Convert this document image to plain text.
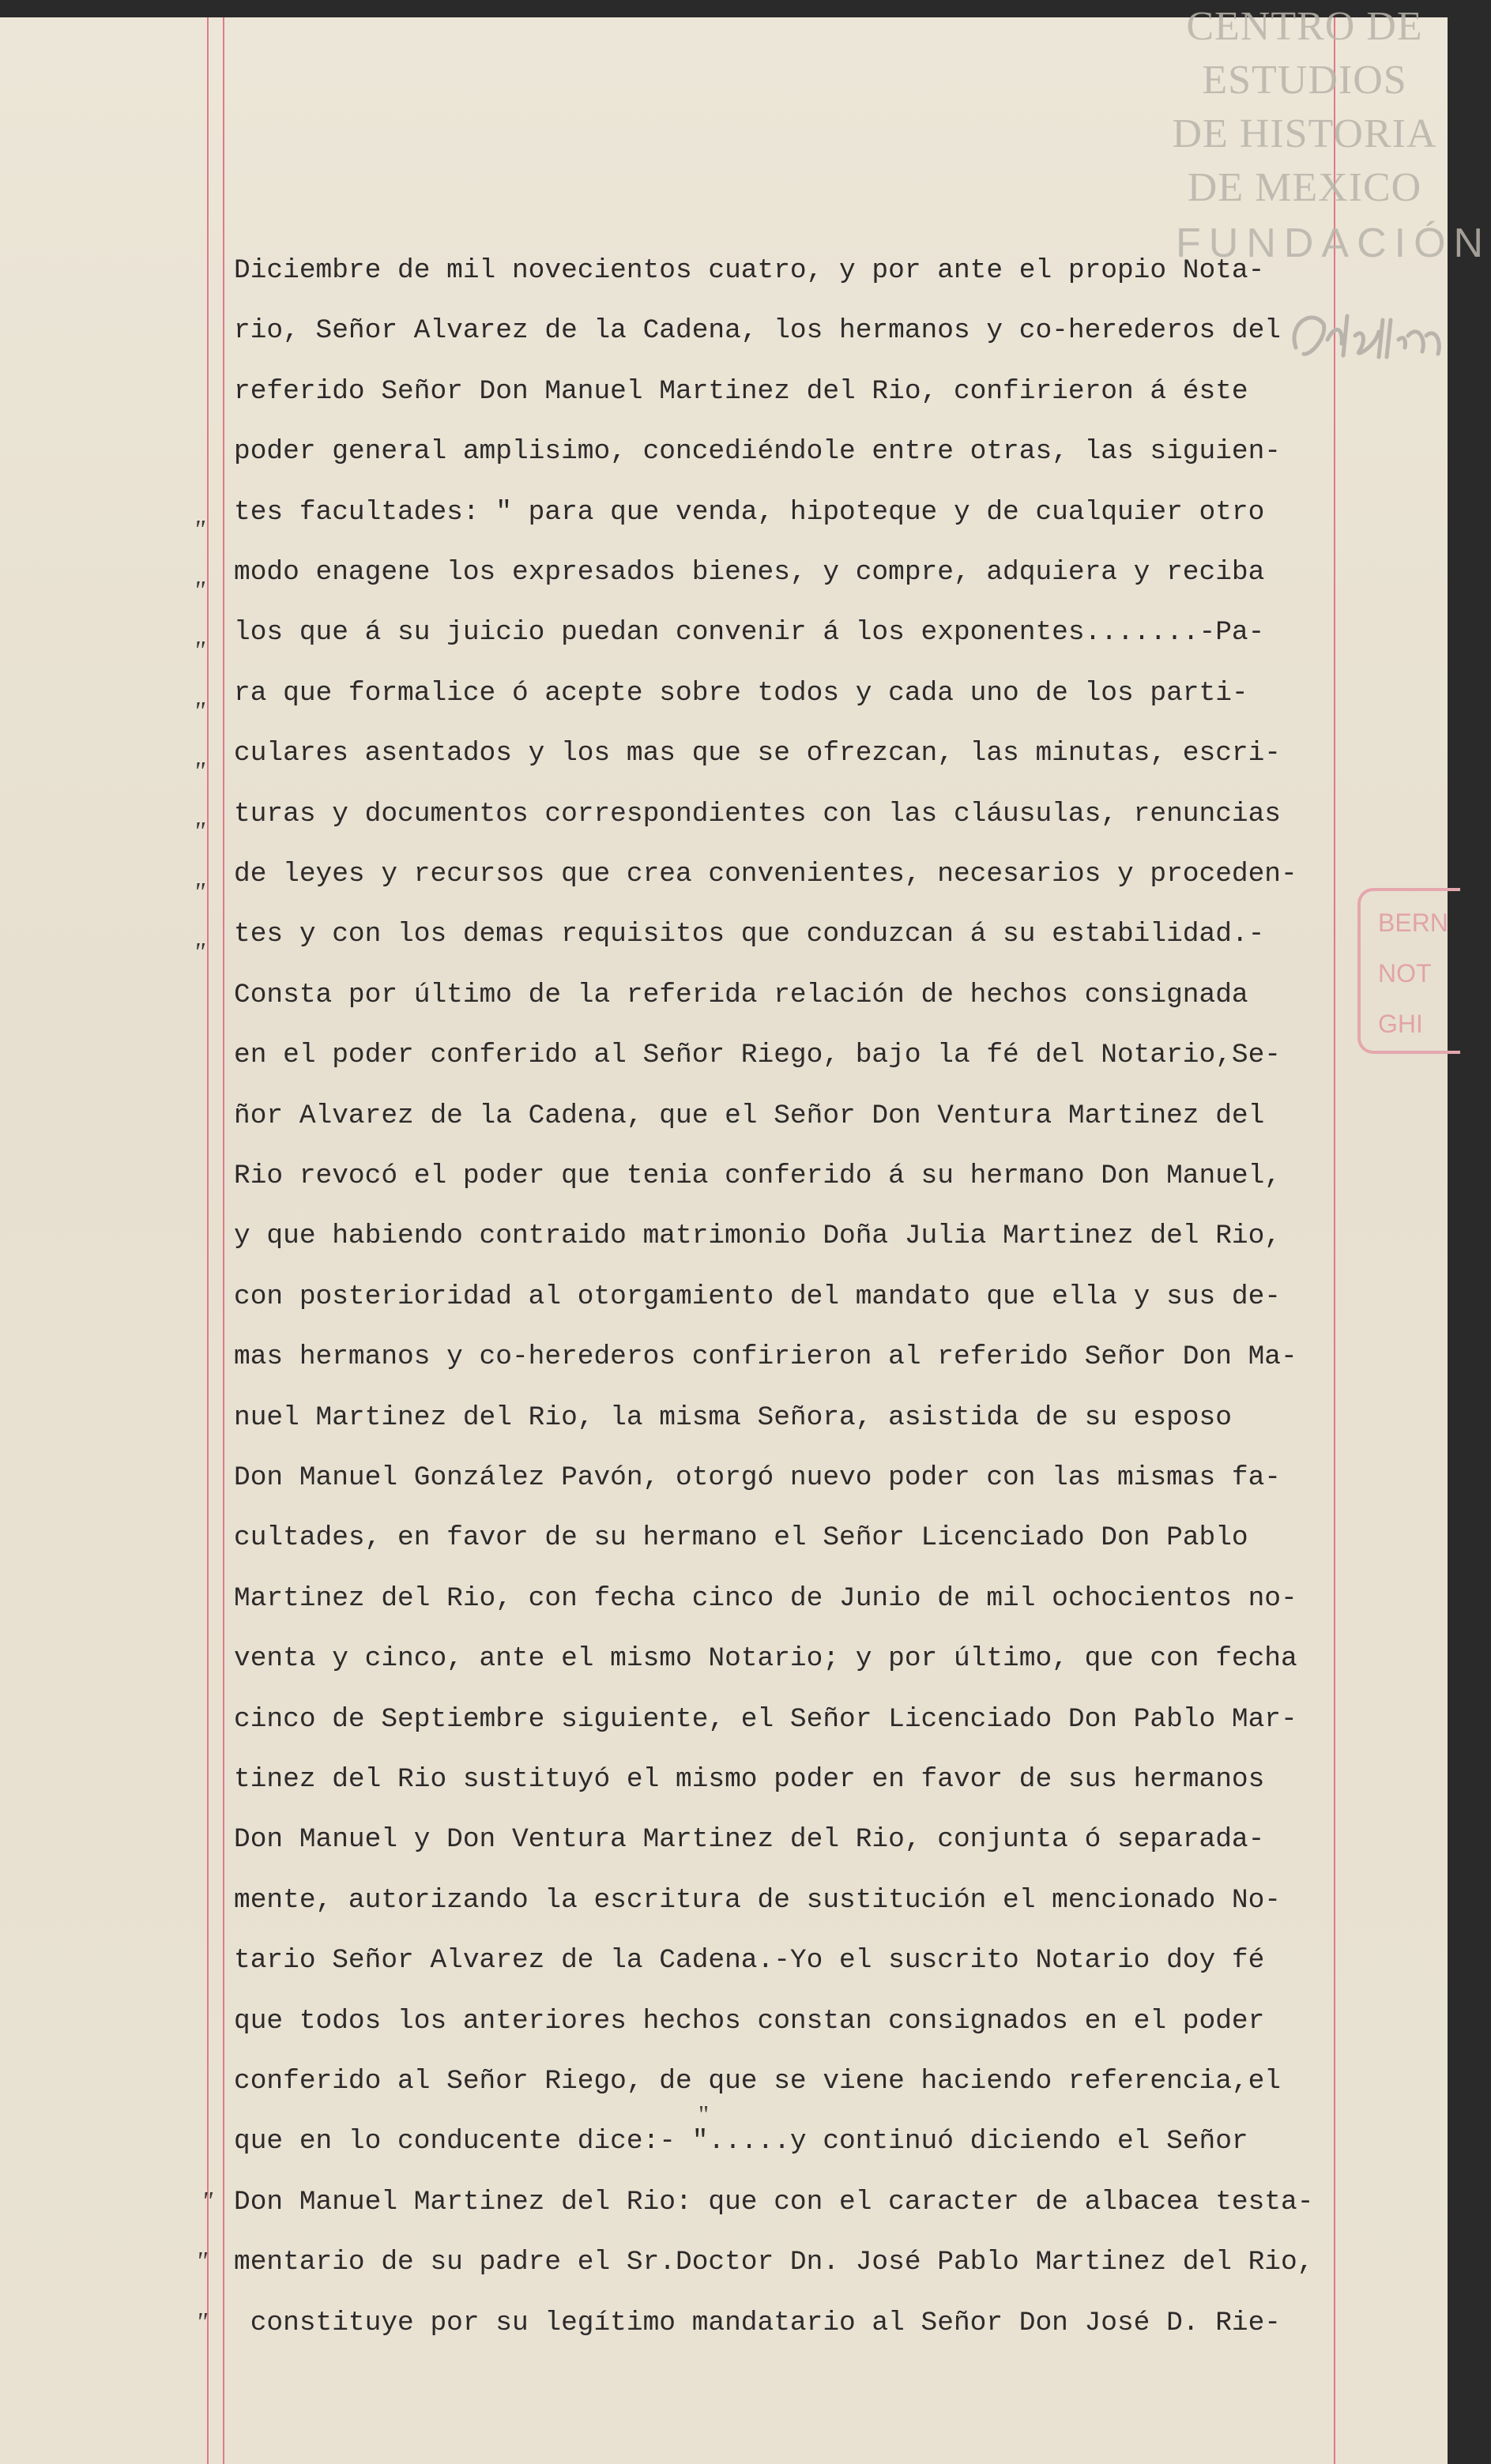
CENTRO DE
ESTUDIOS
DE HISTORIA
DE MEXICO
FUNDACIÓN
BERN
NOT
GHI
"
"
"
"
"
"
"
"
"
"
"
"
Diciembre de mil novecientos cuatro, y por ante el propio Nota-
rio, Señor Alvarez de la Cadena, los hermanos y co-herederos del
referido Señor Don Manuel Martinez del Rio, confirieron á éste
poder general amplisimo, concediéndole entre otras, las siguien-
tes facultades: " para que venda, hipoteque y de cualquier otro
modo enagene los expresados bienes, y compre, adquiera y reciba
los que á su juicio puedan convenir á los exponentes.......-Pa-
ra que formalice ó acepte sobre todos y cada uno de los parti-
culares asentados y los mas que se ofrezcan, las minutas, escri-
turas y documentos correspondientes con las cláusulas, renuncias
de leyes y recursos que crea convenientes, necesarios y proceden-
tes y con los demas requisitos que conduzcan á su estabilidad.-
Consta por último de la referida relación de hechos consignada
en el poder conferido al Señor Riego, bajo la fé del Notario,Se-
ñor Alvarez de la Cadena, que el Señor Don Ventura Martinez del
Rio revocó el poder que tenia conferido á su hermano Don Manuel,
y que habiendo contraido matrimonio Doña Julia Martinez del Rio,
con posterioridad al otorgamiento del mandato que ella y sus de-
mas hermanos y co-herederos confirieron al referido Señor Don Ma-
nuel Martinez del Rio, la misma Señora, asistida de su esposo
Don Manuel González Pavón, otorgó nuevo poder con las mismas fa-
cultades, en favor de su hermano el Señor Licenciado Don Pablo
Martinez del Rio, con fecha cinco de Junio de mil ochocientos no-
venta y cinco, ante el mismo Notario; y por último, que con fecha
cinco de Septiembre siguiente, el Señor Licenciado Don Pablo Mar-
tinez del Rio sustituyó el mismo poder en favor de sus hermanos
Don Manuel y Don Ventura Martinez del Rio, conjunta ó separada-
mente, autorizando la escritura de sustitución el mencionado No-
tario Señor Alvarez de la Cadena.-Yo el suscrito Notario doy fé
que todos los anteriores hechos constan consignados en el poder
conferido al Señor Riego, de que se viene haciendo referencia,el
que en lo conducente dice:- ".....y continuó diciendo el Señor
Don Manuel Martinez del Rio: que con el caracter de albacea testa-
mentario de su padre el Sr.Doctor Dn. José Pablo Martinez del Rio,
constituye por su legítimo mandatario al Señor Don José D. Rie-
